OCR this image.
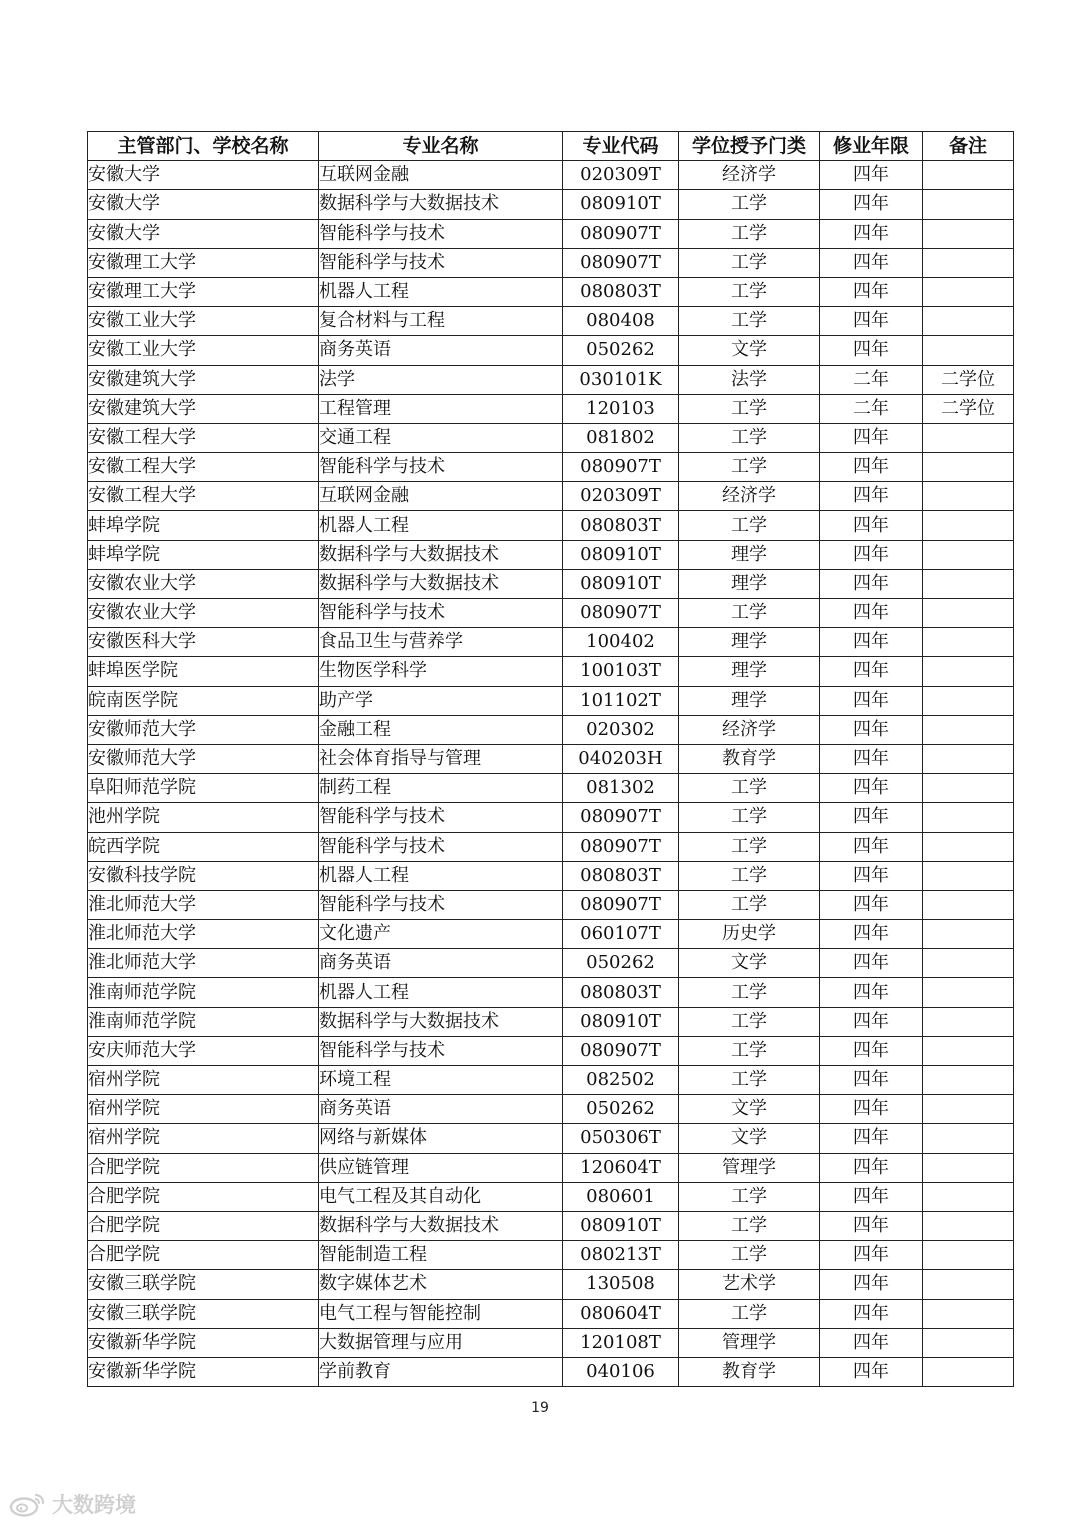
主管部门、学校名称	专业名称	专业代码	学位授予门类	修业年限	备注
安徽大学	互联网金融	020309T	经济学	四年	
安徽大学	数据科学与大数据技术	080910T	工学	四年	
安徽大学	智能科学与技术	080907T	工学	四年	
安徽理工大学	智能科学与技术	080907T	工学	四年	
安徽理工大学	机器人工程	080803T	工学	四年	
安徽工业大学	复合材料与工程	080408	工学	四年	
安徽工业大学	商务英语	050262	文学	四年	
安徽建筑大学	法学	030101K	法学	二年	二学位
安徽建筑大学	工程管理	120103	工学	二年	二学位
安徽工程大学	交通工程	081802	工学	四年	
安徽工程大学	智能科学与技术	080907T	工学	四年	
安徽工程大学	互联网金融	020309T	经济学	四年	
蚌埠学院	机器人工程	080803T	工学	四年	
蚌埠学院	数据科学与大数据技术	080910T	理学	四年	
安徽农业大学	数据科学与大数据技术	080910T	理学	四年	
安徽农业大学	智能科学与技术	080907T	工学	四年	
安徽医科大学	食品卫生与营养学	100402	理学	四年	
蚌埠医学院	生物医学科学	100103T	理学	四年	
皖南医学院	助产学	101102T	理学	四年	
安徽师范大学	金融工程	020302	经济学	四年	
安徽师范大学	社会体育指导与管理	040203H	教育学	四年	
阜阳师范学院	制药工程	081302	工学	四年	
池州学院	智能科学与技术	080907T	工学	四年	
皖西学院	智能科学与技术	080907T	工学	四年	
安徽科技学院	机器人工程	080803T	工学	四年	
淮北师范大学	智能科学与技术	080907T	工学	四年	
淮北师范大学	文化遗产	060107T	历史学	四年	
淮北师范大学	商务英语	050262	文学	四年	
淮南师范学院	机器人工程	080803T	工学	四年	
淮南师范学院	数据科学与大数据技术	080910T	工学	四年	
安庆师范大学	智能科学与技术	080907T	工学	四年	
宿州学院	环境工程	082502	工学	四年	
宿州学院	商务英语	050262	文学	四年	
宿州学院	网络与新媒体	050306T	文学	四年	
合肥学院	供应链管理	120604T	管理学	四年	
合肥学院	电气工程及其自动化	080601	工学	四年	
合肥学院	数据科学与大数据技术	080910T	工学	四年	
合肥学院	智能制造工程	080213T	工学	四年	
安徽三联学院	数字媒体艺术	130508	艺术学	四年	
安徽三联学院	电气工程与智能控制	080604T	工学	四年	
安徽新华学院	大数据管理与应用	120108T	管理学	四年	
安徽新华学院	学前教育	040106	教育学	四年	
19
大数跨境
